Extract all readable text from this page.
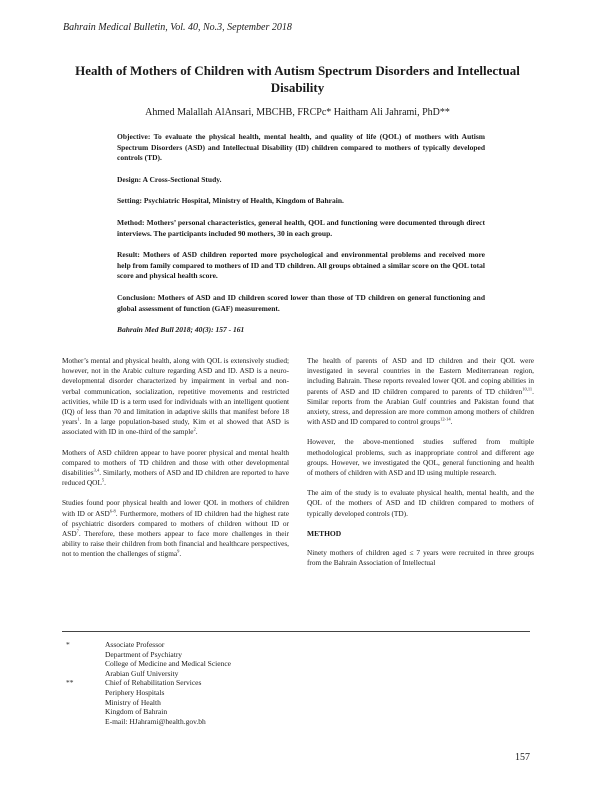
Bahrain Medical Bulletin, Vol. 40, No.3, September 2018
Health of Mothers of Children with Autism Spectrum Disorders and Intellectual Disability
Ahmed Malallah AlAnsari, MBCHB, FRCPc* Haitham Ali Jahrami, PhD**

Objective: To evaluate the physical health, mental health, and quality of life (QOL) of mothers with Autism Spectrum Disorders (ASD) and Intellectual Disability (ID) children compared to mothers of typically developed controls (TD).

Design: A Cross-Sectional Study.

Setting: Psychiatric Hospital, Ministry of Health, Kingdom of Bahrain.

Method: Mothers’ personal characteristics, general health, QOL and functioning were documented through direct interviews. The participants included 90 mothers, 30 in each group.

Result: Mothers of ASD children reported more psychological and environmental problems and received more help from family compared to mothers of ID and TD children. All groups obtained a similar score on the QOL total score and physical health score.

Conclusion: Mothers of ASD and ID children scored lower than those of TD children on general functioning and global assessment of function (GAF) measurement.

Bahrain Med Bull 2018; 40(3): 157 - 161

Mother’s mental and physical health, along with QOL is extensively studied; however, not in the Arabic culture regarding ASD and ID. ASD is a neuro-developmental disorder characterized by impairment in verbal and non-verbal communication, socialization, repetitive movements and restricted activities, while ID is a term used for individuals with an intelligent quotient (IQ) of less than 70 and limitation in adaptive skills that manifest before 18 years$^1$. In a large population-based study, Kim et al showed that ASD is associated with ID in one-third of the sample$^2$.

Mothers of ASD children appear to have poorer physical and mental health compared to mothers of TD children and those with other developmental disabilities$^{3,4}$. Similarly, mothers of ASD and ID children are reported to have reduced QOL$^5$.

Studies found poor physical health and lower QOL in mothers of children with ID or ASD$^{6-8}$. Furthermore, mothers of ID children had the highest rate of psychiatric disorders compared to mothers of children without ID or ASD$^7$. Therefore, these mothers appear to face more challenges in their ability to raise their children from both financial and healthcare perspectives, not to mention the challenges of stigma$^9$.

The health of parents of ASD and ID children and their QOL were investigated in several countries in the Eastern Mediterranean region, including Bahrain. These reports revealed lower QOL and coping abilities in parents of ASD and ID children compared to parents of TD children$^{10,11}$. Similar reports from the Arabian Gulf countries and Pakistan found that anxiety, stress, and depression are more common among mothers of children with ASD and ID compared to control groups$^{12-14}$.

However, the above-mentioned studies suffered from multiple methodological problems, such as inappropriate control and different age groups. However, we investigated the QOL, general functioning and health of mothers of children with ASD and ID using multiple research.

The aim of the study is to evaluate physical health, mental health, and the QOL of the mothers of ASD and ID children compared to mothers of typically developed controls (TD).

METHOD

Ninety mothers of children aged ≤ 7 years were recruited in three groups from the Bahrain Association of Intellectual

*	Associate Professor
Department of Psychiatry
College of Medicine and Medical Science
Arabian Gulf University
**	Chief of Rehabilitation Services
Periphery Hospitals
Ministry of Health
Kingdom of Bahrain
E-mail: HJahrami@health.gov.bh
157
